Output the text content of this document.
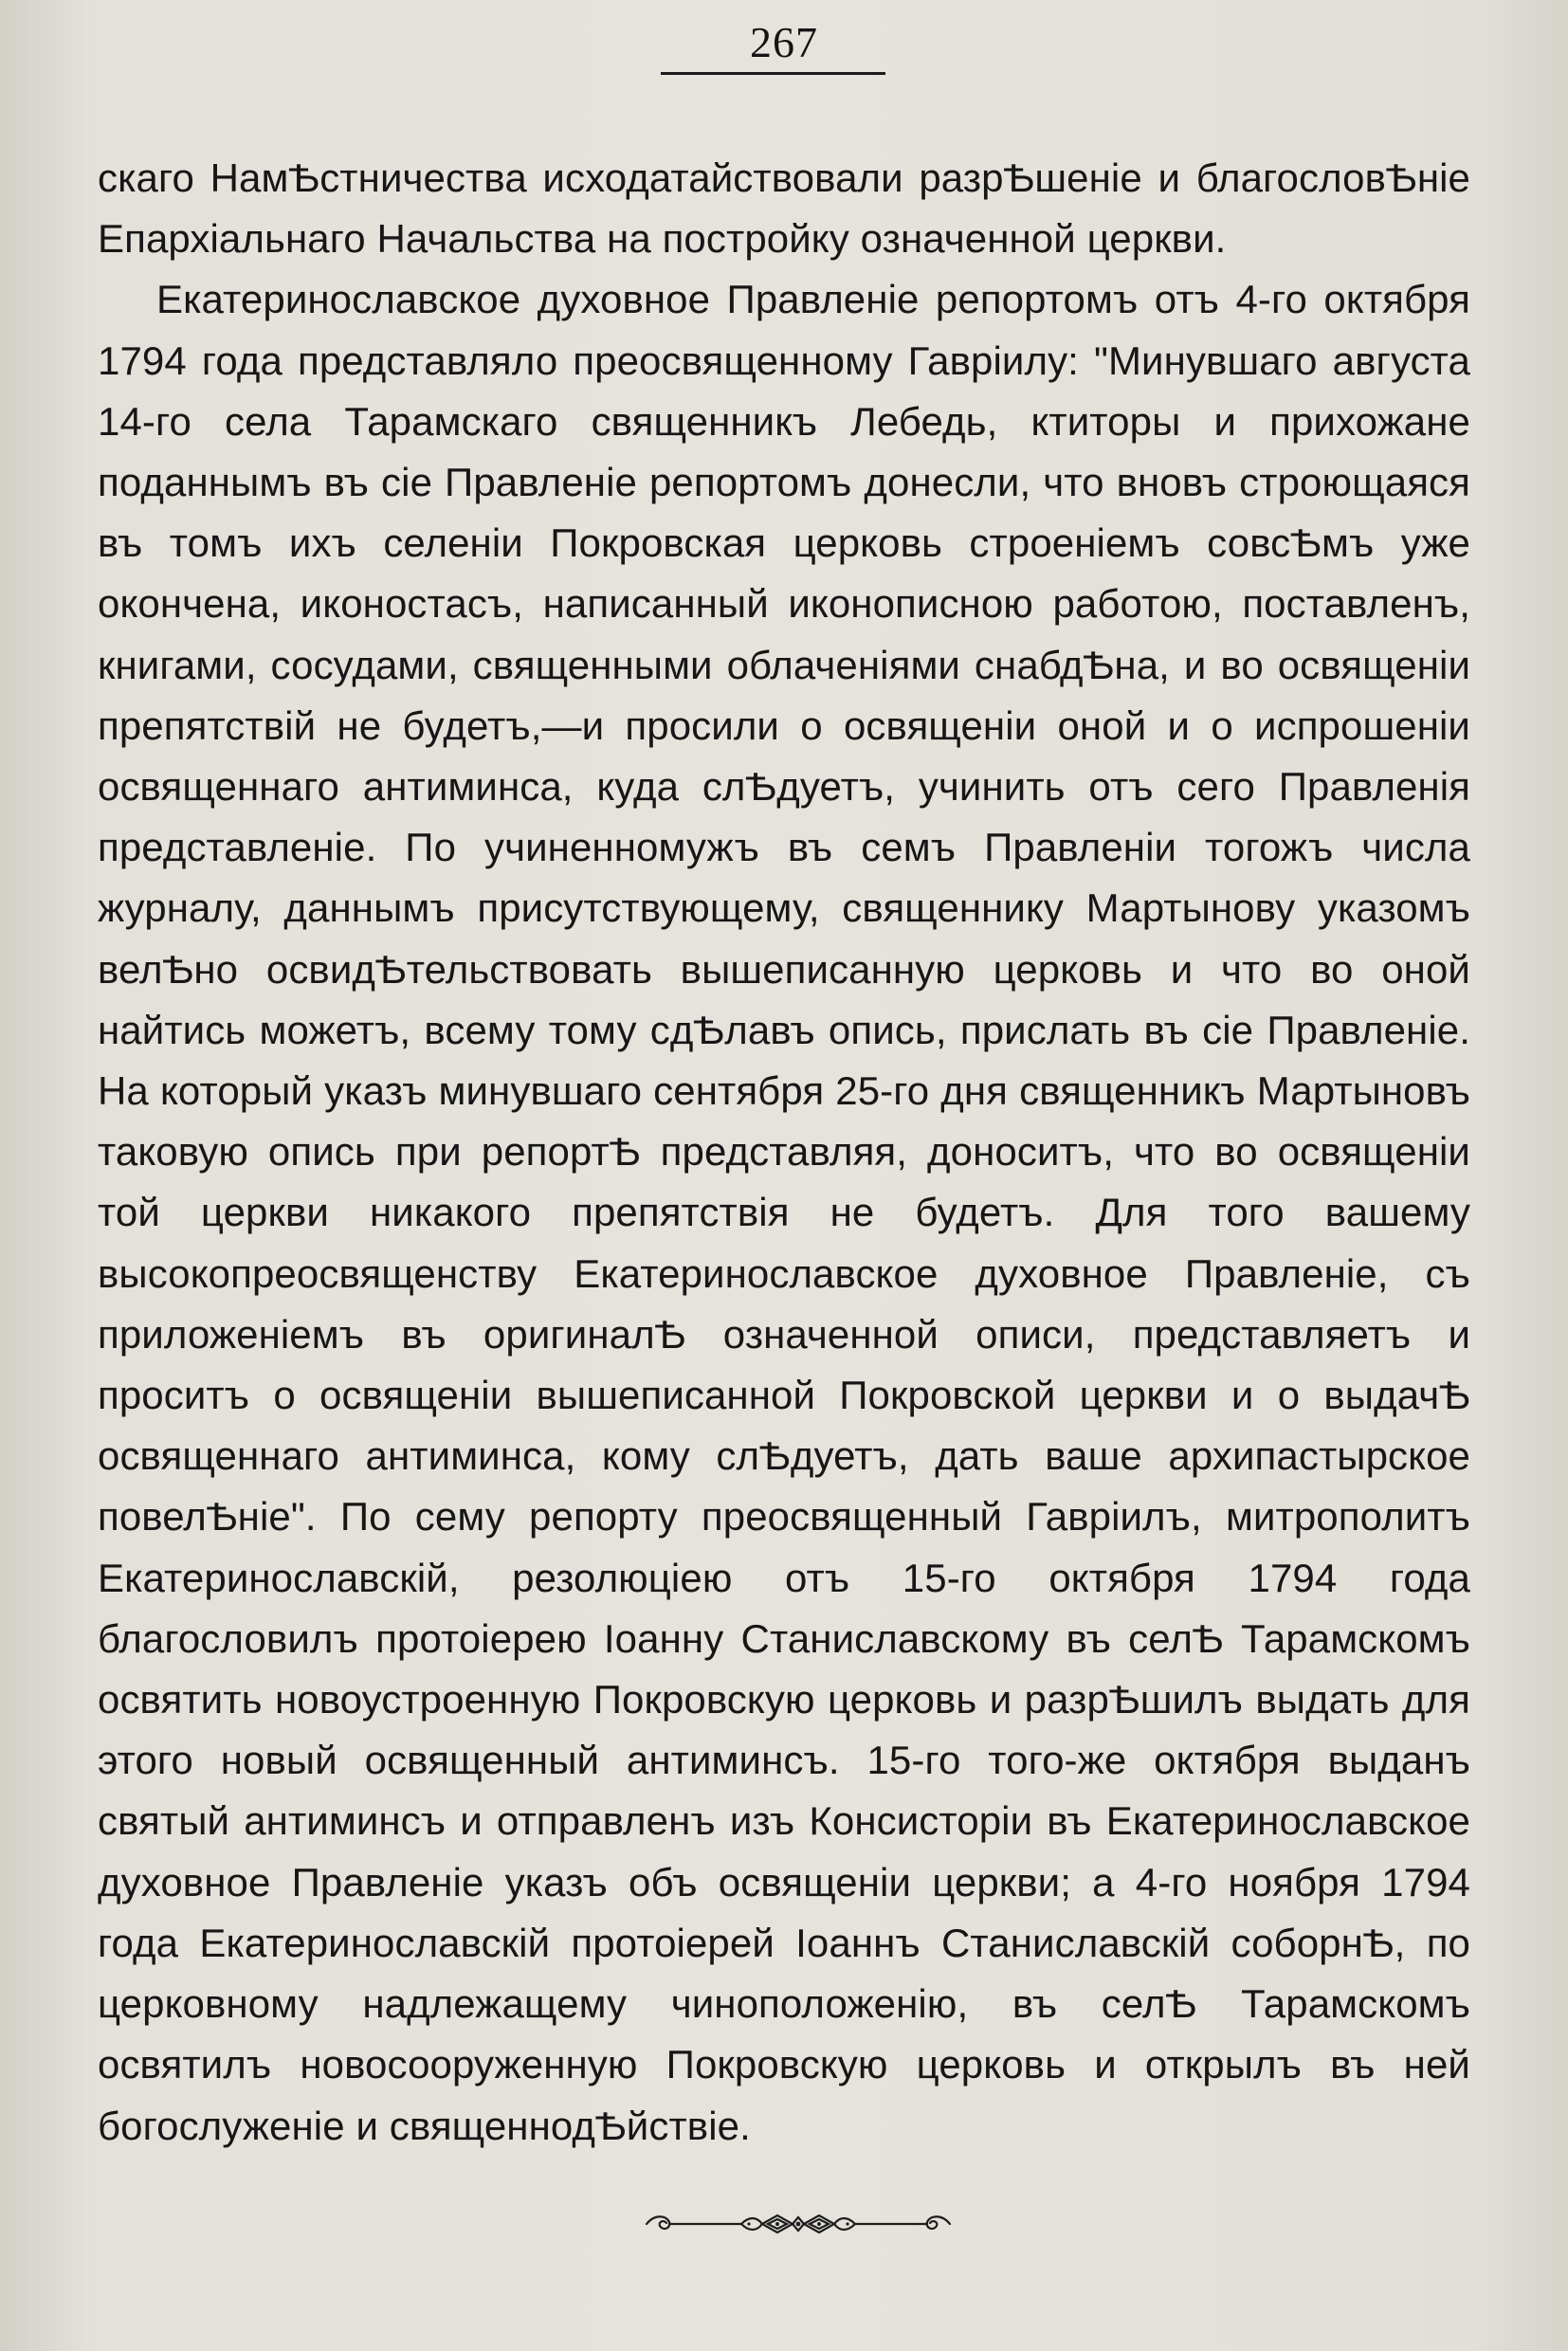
267

скаго НамѢстничества исходатайствовали разрѢшеніе и благословѢніе Епархіальнаго Начальства на постройку означенной церкви.

Екатеринославское духовное Правленіе репортомъ отъ 4-го октября 1794 года представляло преосвященному Гавріилу: "Минувшаго августа 14-го села Тарамскаго священникъ Лебедь, ктиторы и прихожане поданнымъ въ сіе Правленіе репортомъ донесли, что вновъ строющаяся въ томъ ихъ селеніи Покровская церковь строеніемъ совсѢмъ уже окончена, иконостасъ, написанный иконописною работою, поставленъ, книгами, сосудами, священными облаченіями снабдѢна, и во освященіи препятствій не будетъ,—и просили о освященіи оной и о испрошеніи освященнаго антиминса, куда слѢдуетъ, учинить отъ сего Правленія представленіе. По учиненномужъ въ семъ Правленіи тогожъ числа журналу, даннымъ присутствующему, священнику Мартынову указомъ велѢно освидѢтельствовать вышеписанную церковь и что во оной найтись можетъ, всему тому сдѢлавъ опись, прислать въ сіе Правленіе. На который указъ минувшаго сентября 25-го дня священникъ Мартыновъ таковую опись при репортѢ представляя, доноситъ, что во освященіи той церкви никакого препятствія не будетъ. Для того вашему высокопреосвященству Екатеринославское духовное Правленіе, съ приложеніемъ въ оригиналѢ означенной описи, представляетъ и проситъ о освященіи вышеписанной Покровской церкви и о выдачѢ освященнаго антиминса, кому слѢдуетъ, дать ваше архипастырское повелѢніе". По сему репорту преосвященный Гавріилъ, митрополитъ Екатеринославскій, резолюціею отъ 15-го октября 1794 года благословилъ протоіерею Іоанну Станиславскому въ селѢ Тарамскомъ освятить новоустроенную Покровскую церковь и разрѢшилъ выдать для этого новый освященный антиминсъ. 15-го того-же октября выданъ святый антиминсъ и отправленъ изъ Консисторіи въ Екатеринославское духовное Правленіе указъ объ освященіи церкви; а 4-го ноября 1794 года Екатеринославскій протоіерей Іоаннъ Станиславскій соборнѢ, по церковному надлежащему чиноположенію, въ селѢ Тарамскомъ освятилъ новосооруженную Покровскую церковь и открылъ въ ней богослуженіе и священнодѢйствіе.
